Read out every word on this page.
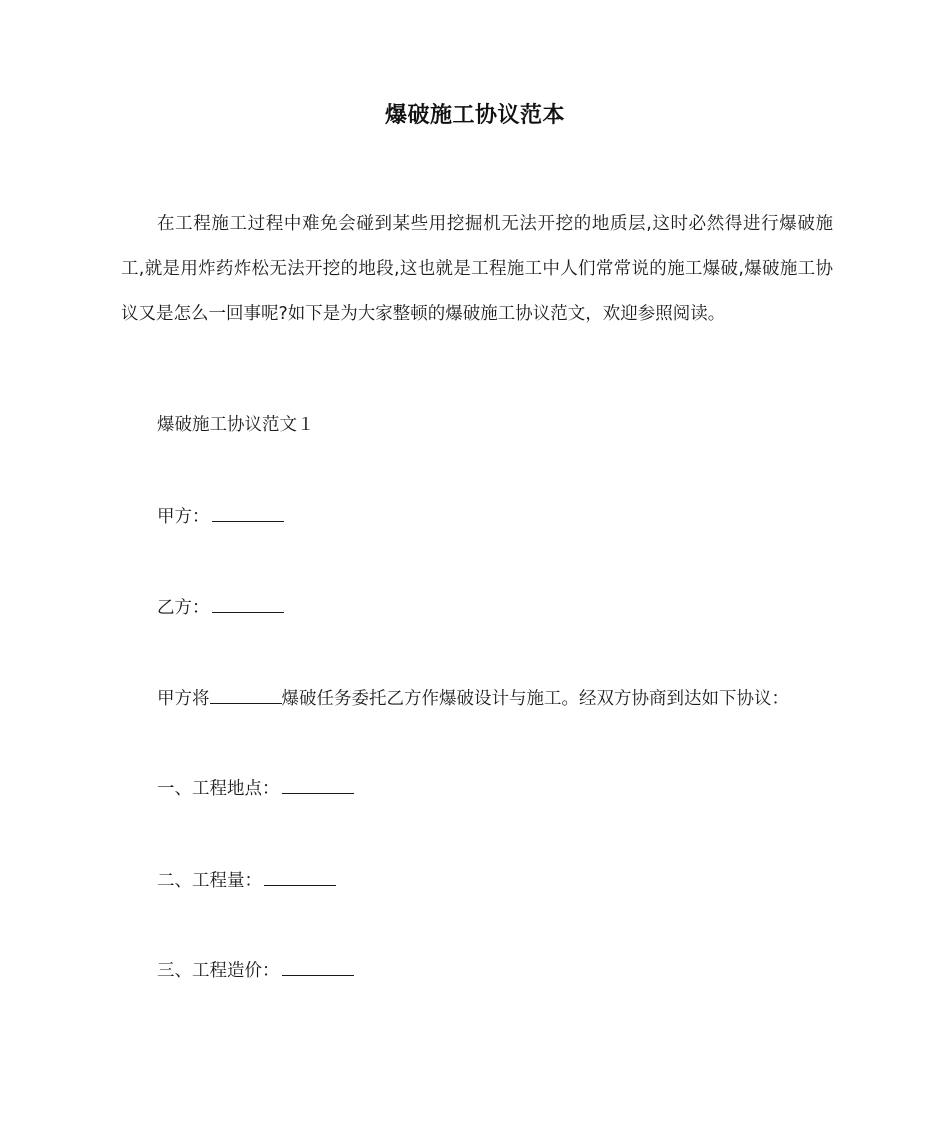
爆破施工协议范本

在工程施工过程中难免会碰到某些用挖掘机无法开挖的地质层,这时必然得进行爆破施工,就是用炸药炸松无法开挖的地段,这也就是工程施工中人们常常说的施工爆破,爆破施工协议又是怎么一回事呢?如下是为大家整顿的爆破施工协议范文，欢迎参照阅读。

爆破施工协议范文１

甲方：

乙方：

甲方将	爆破任务委托乙方作爆破设计与施工。经双方协商到达如下协议：

一、工程地点：

二、工程量：

三、工程造价：
